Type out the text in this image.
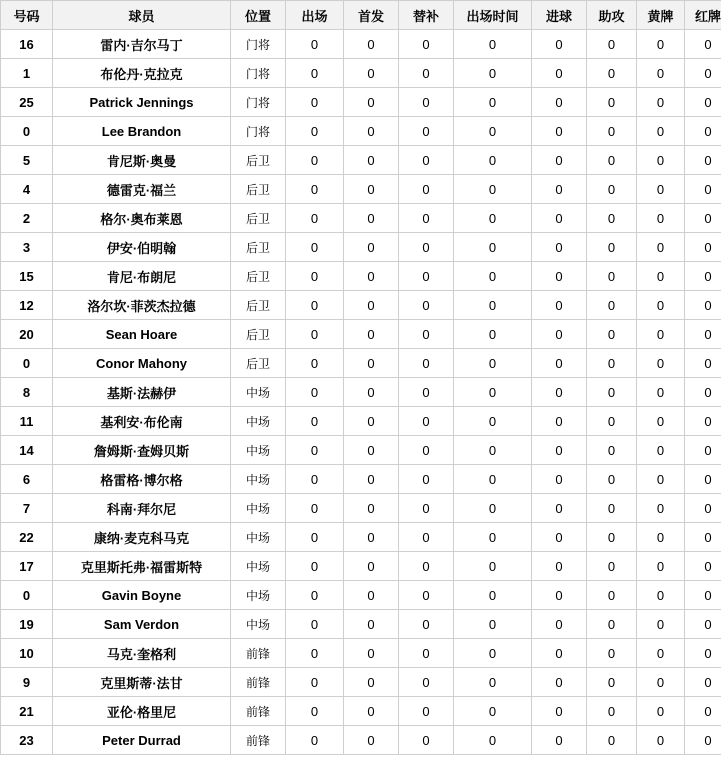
号码	球员	位置	出场	首发	替补	出场时间	进球	助攻	黄牌	红牌
16	雷内·吉尔马丁	门将	0	0	0	0	0	0	0	0
1	布伦丹·克拉克	门将	0	0	0	0	0	0	0	0
25	Patrick Jennings	门将	0	0	0	0	0	0	0	0
0	Lee Brandon	门将	0	0	0	0	0	0	0	0
5	肯尼斯·奥曼	后卫	0	0	0	0	0	0	0	0
4	德雷克·福兰	后卫	0	0	0	0	0	0	0	0
2	格尔·奥布莱恩	后卫	0	0	0	0	0	0	0	0
3	伊安·伯明翰	后卫	0	0	0	0	0	0	0	0
15	肯尼·布朗尼	后卫	0	0	0	0	0	0	0	0
12	洛尔坎·菲茨杰拉德	后卫	0	0	0	0	0	0	0	0
20	Sean Hoare	后卫	0	0	0	0	0	0	0	0
0	Conor Mahony	后卫	0	0	0	0	0	0	0	0
8	基斯·法赫伊	中场	0	0	0	0	0	0	0	0
11	基利安·布伦南	中场	0	0	0	0	0	0	0	0
14	詹姆斯·查姆贝斯	中场	0	0	0	0	0	0	0	0
6	格雷格·博尔格	中场	0	0	0	0	0	0	0	0
7	科南·拜尔尼	中场	0	0	0	0	0	0	0	0
22	康纳·麦克科马克	中场	0	0	0	0	0	0	0	0
17	克里斯托弗·福雷斯特	中场	0	0	0	0	0	0	0	0
0	Gavin Boyne	中场	0	0	0	0	0	0	0	0
19	Sam Verdon	中场	0	0	0	0	0	0	0	0
10	马克·奎格利	前锋	0	0	0	0	0	0	0	0
9	克里斯蒂·法甘	前锋	0	0	0	0	0	0	0	0
21	亚伦·格里尼	前锋	0	0	0	0	0	0	0	0
23	Peter Durrad	前锋	0	0	0	0	0	0	0	0
